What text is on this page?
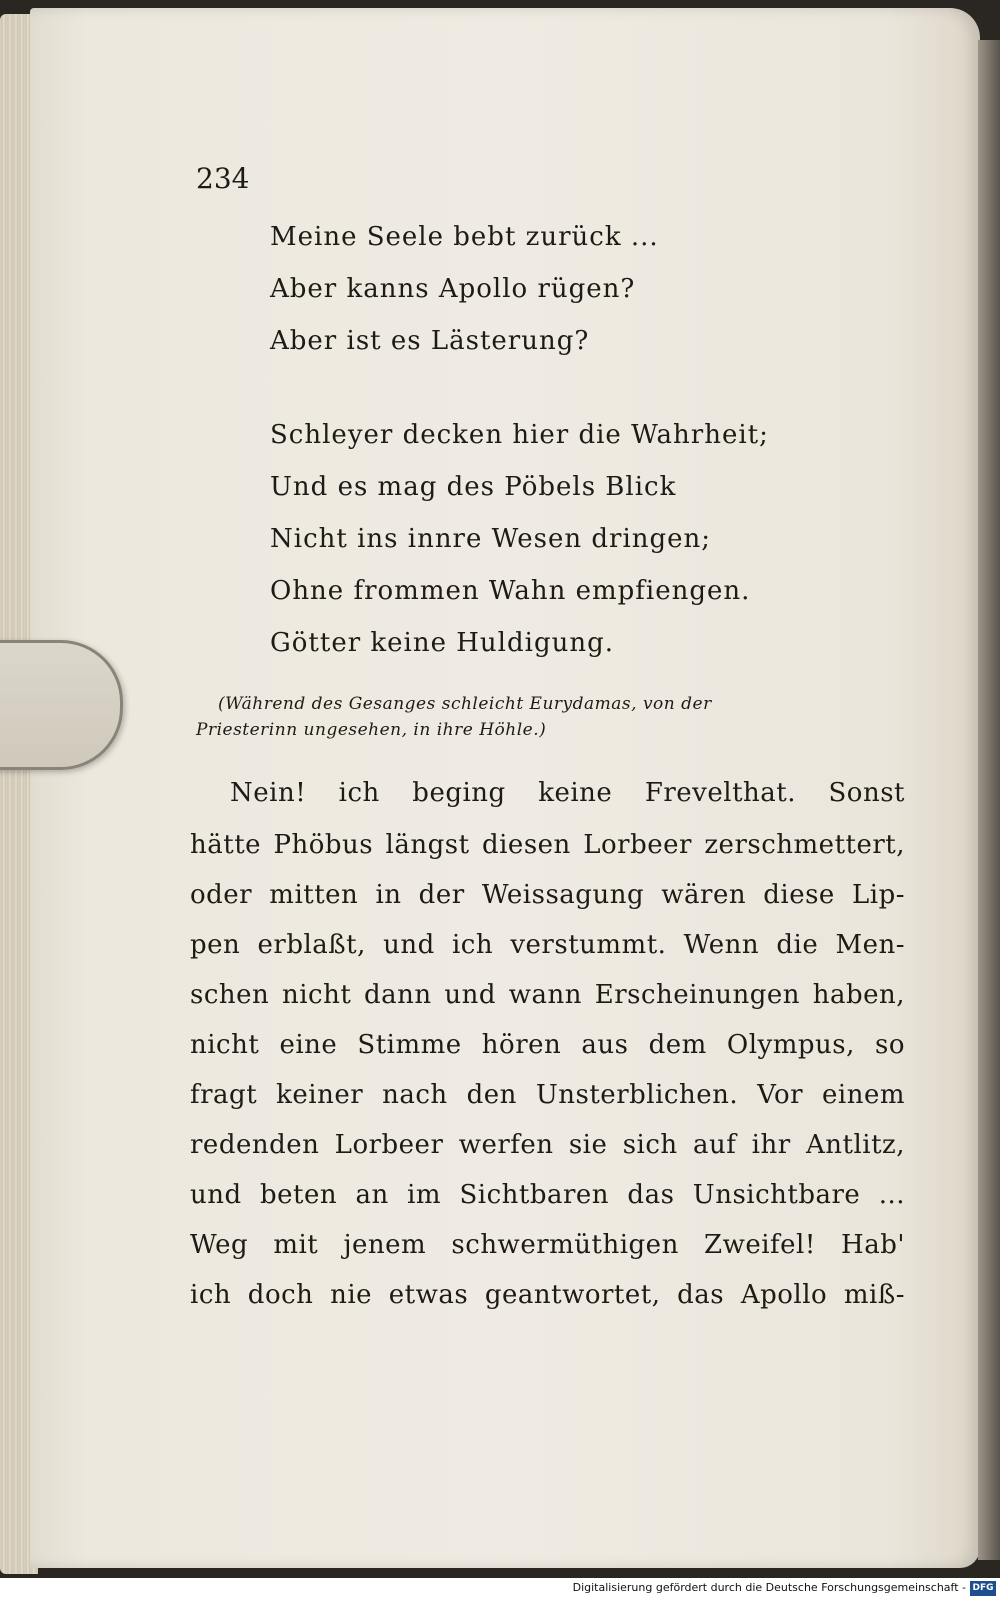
234
Meine Seele bebt zurück ...
Aber kanns Apollo rügen?
Aber ist es Lästerung?
Schleyer decken hier die Wahrheit;
Und es mag des Pöbels Blick
Nicht ins innre Wesen dringen;
Ohne frommen Wahn empfiengen.
Götter keine Huldigung.
(Während des Gesanges schleicht Eurydamas, von der
Priesterinn ungesehen, in ihre Höhle.)
Nein! ich beging keine Frevelthat. Sonst
hätte Phöbus längst diesen Lorbeer zerschmettert,
oder mitten in der Weissagung wären diese Lip-
pen erblaßt, und ich verstummt. Wenn die Men-
schen nicht dann und wann Erscheinungen haben,
nicht eine Stimme hören aus dem Olympus, so
fragt keiner nach den Unsterblichen. Vor einem
redenden Lorbeer werfen sie sich auf ihr Antlitz,
und beten an im Sichtbaren das Unsichtbare ...
Weg mit jenem schwermüthigen Zweifel! Hab'
ich doch nie etwas geantwortet, das Apollo miß-
Digitalisierung gefördert durch die Deutsche Forschungsgemeinschaft - DFG
